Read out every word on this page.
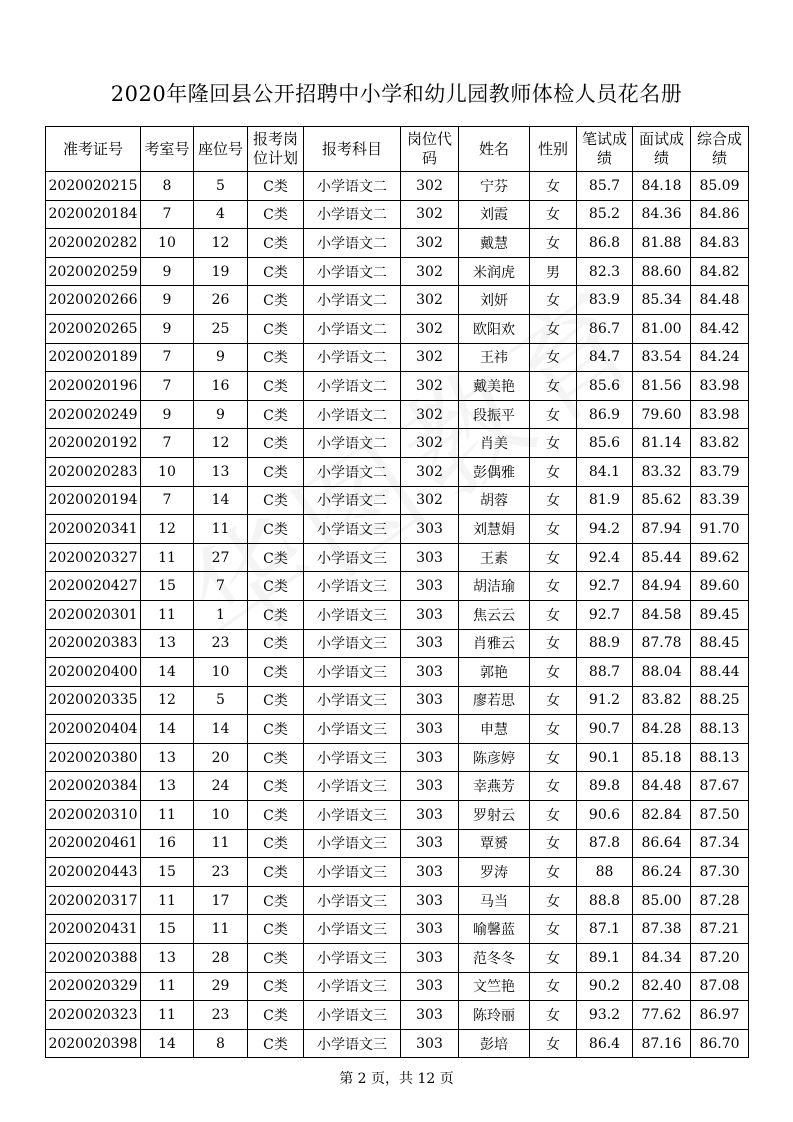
2020年隆回县公开招聘中小学和幼儿园教师体检人员花名册
准考证号	考室号	座位号	报考岗位计划	报考科目	岗位代码	姓名	性别	笔试成绩	面试成绩	综合成绩
2020020215	8	5	C类	小学语文二	302	宁芬	女	85.7	84.18	85.09
2020020184	7	4	C类	小学语文二	302	刘霞	女	85.2	84.36	84.86
2020020282	10	12	C类	小学语文二	302	戴慧	女	86.8	81.88	84.83
2020020259	9	19	C类	小学语文二	302	米润虎	男	82.3	88.60	84.82
2020020266	9	26	C类	小学语文二	302	刘妍	女	83.9	85.34	84.48
2020020265	9	25	C类	小学语文二	302	欧阳欢	女	86.7	81.00	84.42
2020020189	7	9	C类	小学语文二	302	王祎	女	84.7	83.54	84.24
2020020196	7	16	C类	小学语文二	302	戴美艳	女	85.6	81.56	83.98
2020020249	9	9	C类	小学语文二	302	段振平	女	86.9	79.60	83.98
2020020192	7	12	C类	小学语文二	302	肖美	女	85.6	81.14	83.82
2020020283	10	13	C类	小学语文二	302	彭偶雅	女	84.1	83.32	83.79
2020020194	7	14	C类	小学语文二	302	胡蓉	女	81.9	85.62	83.39
2020020341	12	11	C类	小学语文三	303	刘慧娟	女	94.2	87.94	91.70
2020020327	11	27	C类	小学语文三	303	王素	女	92.4	85.44	89.62
2020020427	15	7	C类	小学语文三	303	胡洁瑜	女	92.7	84.94	89.60
2020020301	11	1	C类	小学语文三	303	焦云云	女	92.7	84.58	89.45
2020020383	13	23	C类	小学语文三	303	肖雅云	女	88.9	87.78	88.45
2020020400	14	10	C类	小学语文三	303	郭艳	女	88.7	88.04	88.44
2020020335	12	5	C类	小学语文三	303	廖若思	女	91.2	83.82	88.25
2020020404	14	14	C类	小学语文三	303	申慧	女	90.7	84.28	88.13
2020020380	13	20	C类	小学语文三	303	陈彦婷	女	90.1	85.18	88.13
2020020384	13	24	C类	小学语文三	303	幸燕芳	女	89.8	84.48	87.67
2020020310	11	10	C类	小学语文三	303	罗射云	女	90.6	82.84	87.50
2020020461	16	11	C类	小学语文三	303	覃赟	女	87.8	86.64	87.34
2020020443	15	23	C类	小学语文三	303	罗涛	女	88	86.24	87.30
2020020317	11	17	C类	小学语文三	303	马当	女	88.8	85.00	87.28
2020020431	15	11	C类	小学语文三	303	喻馨蓝	女	87.1	87.38	87.21
2020020388	13	28	C类	小学语文三	303	范冬冬	女	89.1	84.34	87.20
2020020329	11	29	C类	小学语文三	303	文竺艳	女	90.2	82.40	87.08
2020020323	11	23	C类	小学语文三	303	陈玲丽	女	93.2	77.62	86.97
2020020398	14	8	C类	小学语文三	303	彭培	女	86.4	87.16	86.70
第 2 页，共 12 页
